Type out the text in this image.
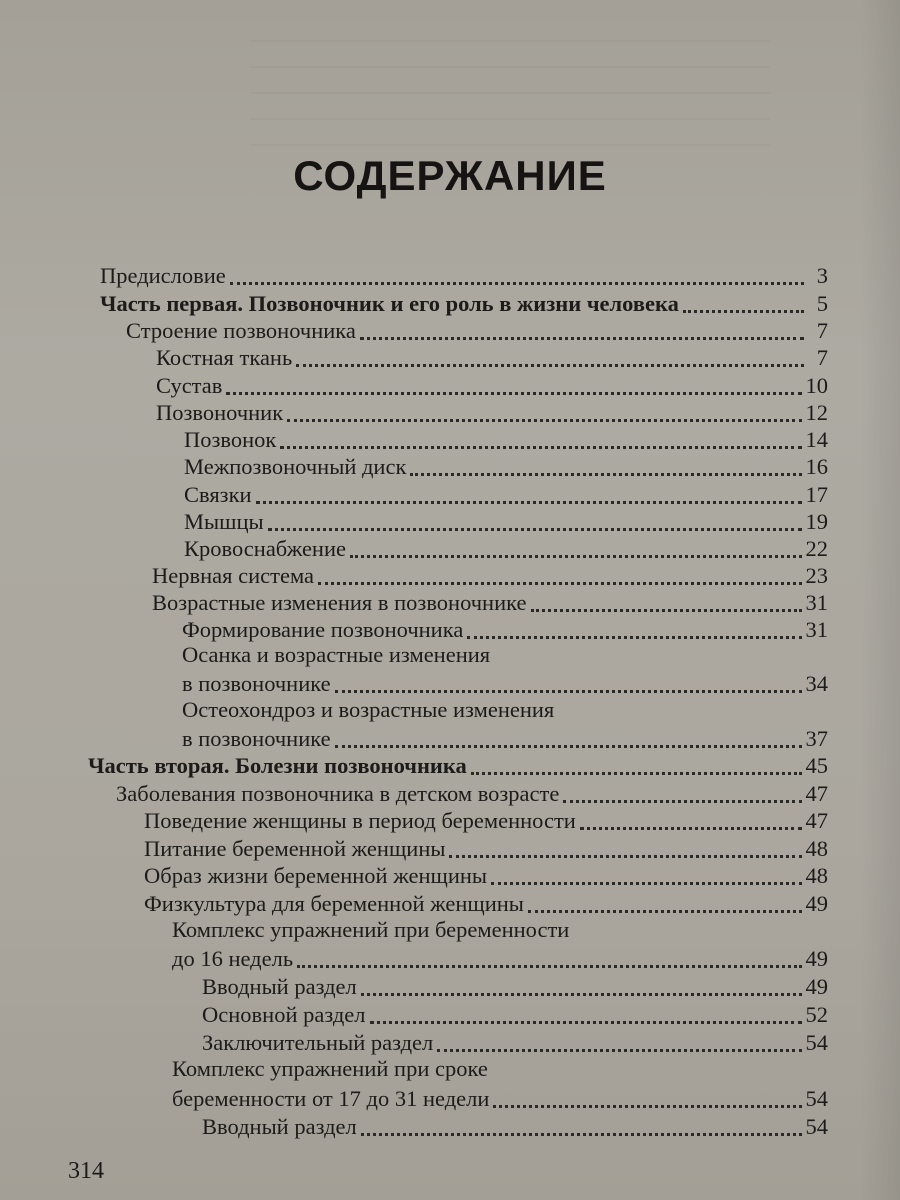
СОДЕРЖАНИЕ
Предисловие	3
Часть первая. Позвоночник и его роль в жизни человека	5
Строение позвоночника	7
Костная ткань	7
Сустав	10
Позвоночник	12
Позвонок	14
Межпозвоночный диск	16
Связки	17
Мышцы	19
Кровоснабжение	22
Нервная система	23
Возрастные изменения в позвоночнике	31
Формирование позвоночника	31
Осанка и возрастные изменения
в позвоночнике	34
Остеохондроз и возрастные изменения
в позвоночнике	37
Часть вторая. Болезни позвоночника	45
Заболевания позвоночника в детском возрасте	47
Поведение женщины в период беременности	47
Питание беременной женщины	48
Образ жизни беременной женщины	48
Физкультура для беременной женщины	49
Комплекс упражнений при беременности
до 16 недель	49
Вводный раздел	49
Основной раздел	52
Заключительный раздел	54
Комплекс упражнений при сроке
беременности от 17 до 31 недели	54
Вводный раздел	54
314
